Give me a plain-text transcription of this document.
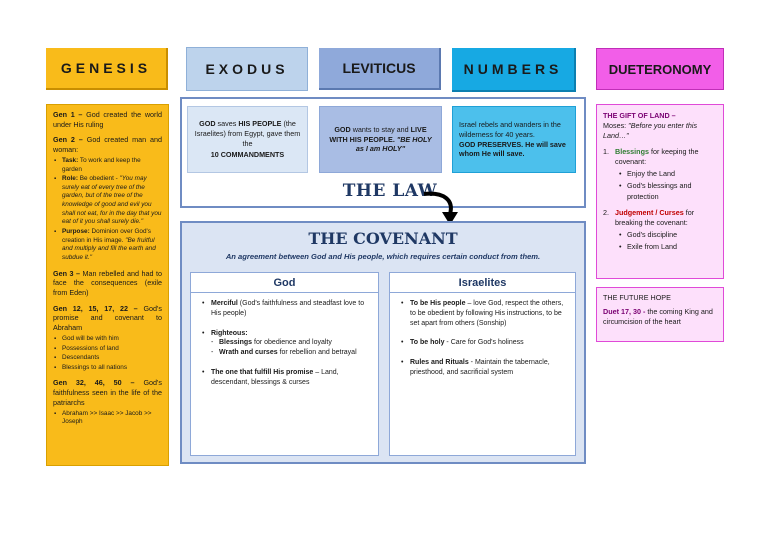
GENESIS	EXODUS	LEVITICUS	NUMBERS	DUETERONOMY

Gen 1 – God created the world under His ruling

Gen 2 – God created man and woman:

▪ Task: To work and keep the garden
▪ Role: Be obedient - "You may surely eat of every tree of the garden, but of the tree of the knowledge of good and evil you shall not eat, for in the day that you eat of it you shall surely die."
▪ Purpose: Dominion over God's creation in His image. "Be fruitful and multiply and fill the earth and subdue it."

Gen 3 – Man rebelled and had to face the consequences (exile from Eden)

Gen 12, 15, 17, 22 – God's promise and covenant to Abraham

▪ God will be with him
▪ Possessions of land
▪ Descendants
▪ Blessings to all nations

Gen 32, 46, 50 – God's faithfulness seen in the life of the patriarchs

▪ Abraham >> Isaac >> Jacob >> Joseph
GOD saves HIS PEOPLE (the Israelites) from Egypt, gave them the
10 COMMANDMENTS
GOD wants to stay and LIVE WITH HIS PEOPLE. "BE HOLY as I am HOLY"
Israel rebels and wanders in the wilderness for 40 years.
GOD PRESERVES. He will save whom He will save.
THE LAW
THE COVENANT
An agreement between God and His people, which requires certain conduct from them.
God
• Merciful (God's faithfulness and steadfast love to His people)
• Righteous:
- Blessings for obedience and loyalty
- Wrath and curses for rebellion and betrayal
• The one that fulfill His promise – Land, descendant, blessings & curses
Israelites
• To be His people – love God, respect the others, to be obedient by following His instructions, to be set apart from others (Sonship)
• To be holy - Care for God's holiness
• Rules and Rituals - Maintain the tabernacle, priesthood, and sacrificial system
THE GIFT OF LAND –
Moses: "Before you enter this Land…"
1. Blessings for keeping the covenant:
• Enjoy the Land
• God's blessings and protection
2. Judgement / Curses for breaking the covenant:
• God's discipline
• Exile from Land
THE FUTURE HOPE
Duet 17, 30 - the coming King and circumcision of the heart
